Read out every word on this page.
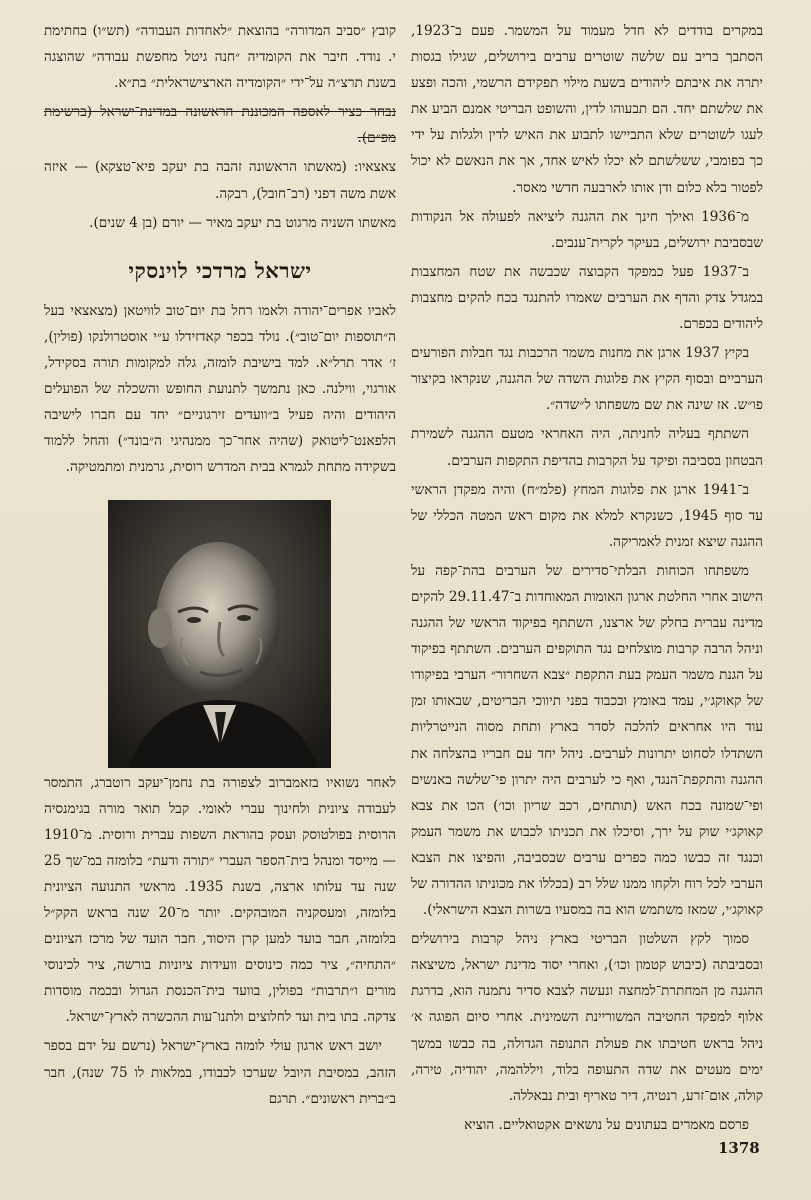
במקרים בודדים לא חדל מעמוד על המשמר. פעם ב־1923, הסתבך בריב עם שלשה שוטרים ערבים בירושלים, שגילו בגסות יתרה את איבתם ליהודים בשעת מילוי תפקידם הרשמי, והכה ופצע את שלשתם יחד. הם תבעוהו לדין, והשופט הבריטי אמנם הביע את לעגו לשוטרים שלא התביישו לתבוע את האיש לדין ולגלות על ידי כך בפומבי, ששלשתם לא יכלו לאיש אחד, אך את הנאשם לא יכול לפטור בלא כלום ודן אותו לארבעה חדשי מאסר.

מ־1936 ואילך חינך את ההגנה ליציאה לפעולה אל הנקודות שבסביבת ירושלים, בעיקר לקרית־ענבים.

ב־1937 פעל כמפקד הקבוצה שכבשה את שטח המחצבות במגדל צדק והדף את הערבים שאמרו להתנגד בכח להקים מחצבות ליהודים בכפרם.

בקיץ 1937 ארגן את מחנות משמר הרכבות נגד חבלות הפורעים הערביים ובסוף הקיץ את פלוגות השדה של ההגנה, שנקראו בקיצור פו״ש. אז שינה את שם משפחתו ל״שדה״.

השתתף בעליה לחניתה, היה האחראי מטעם ההגנה לשמירת הבטחון בסביבה ופיקד על הקרבות בהדיפת התקפות הערבים.

ב־1941 ארגן את פלוגות המחץ (פלמ״ח) והיה מפקדן הראשי עד סוף 1945, כשנקרא למלא את מקום ראש המטה הכללי של ההגנה שיצא זמנית לאמריקה.

משפתחו הכוחות הבלתי־סדירים של הערבים בהת־קפה על הישוב אחרי החלטת ארגון האומות המאוחדות ב־29.11.47 להקים מדינה עברית בחלק של ארצנו, השתתף בפיקוד הראשי של ההגנה וניהל הרבה קרבות מוצלחים נגד התוקפים הערבים. השתתף בפיקוד על הגנת משמר העמק בעת התקפת ״צבא השחרור״ הערבי בפיקודו של קאוקג׳י, עמד באומץ ובכבוד בפני תיווכי הבריטים, שבאותו זמן עוד היו אחראים להלכה לסדר בארץ ותחת מסוה הנייטרליות השתדלו לסחוט יתרונות לערבים. ניהל יחד עם חבריו בהצלחה את ההגנה והתקפת־הנגד, ואף כי לערבים היה יתרון פי־שלשה באנשים ופי־שמונה בכח האש (תותחים, רכב שריון וכו׳) הכו את צבא קאוקג׳י שוק על ירך, וסיכלו את תכניתו לכבוש את משמר העמק וכנגד זה כבשו כמה כפרים ערבים שבסביבה, והפיצו את הצבא הערבי לכל רוח ולקחו ממנו שלל רב (בכללו את מכוניתו ההדורה של קאוקג׳י, שמאז משתמש הוא בה במסעיו בשרות הצבא הישראלי).

סמוך לקץ השלטון הבריטי בארץ ניהל קרבות בירושלים ובסביבתה (כיבוש קטמון וכו׳), ואחרי יסוד מדינת ישראל, משיצאה ההגנה מן המחתרת־למחצה ונעשה לצבא סדיר נתמנה הוא, בדרגת אלוף למפקד החטיבה המשוריינת השמינית. אחרי סיום הפוגה א׳ ניהל בראש חטיבתו את פעולת התנופה הגדולה, בה כבשו במשך ימים מעטים את שדה התעופה בלוד, ויללהמה, יהודיה, טירה, קולה, אום־זרע, רנטיה, דיר טאריף ובית נבאללה.

פרסם מאמרים בעתונים על נושאים אקטואליים. הוציא

קובץ ״סביב המדורה״ בהוצאת ״לאחדות העבודה״ (תש״ו) בחתימת י. נודד. חיבר את הקומדיה ״חנה גיטל מחפשת עבודה״ שהוצגה בשנת תרצ״ה על־ידי ״הקומדיה הארצישראלית״ בת״א.

נבחר כציר לאספה המכוננת הראשונה במדינת־ישראל (ברשימת מפ״ם).

צאצאיו: (מאשתו הראשונה זהבה בת יעקב פיא־טצקא) — איזה אשת משה דפני (רב־חובל), רבקה.

מאשתו השניה מרגוט בת יעקב מאיר — יורם (בן 4 שנים).

ישראל מרדכי לוינסקי

לאביו אפרים־יהודה ולאמו רחל בת יום־טוב לוויטאן (מצאצאי בעל ה״תוספות יום־טוב״). נולד בכפר קאדזידלו ע״י אוסטרולנקו (פולין), ז׳ אדר תרל״א. למד בישיבת לומזה, גלה למקומות תורה בסקידל, אורגוי, ווילנה. כאן נתמשך לתנועת החופש והשכלה של הפועלים היהודים והיה פעיל ב״וועדים זירגוניים״ יחד עם חברו לישיבה הלפאנט־ליטואק (שהיה אחר־כך ממנהיגי ה״בונד״) והחל ללמוד בשקידה מתחת לגמרא בבית המדרש רוסית, גרמנית ומתמטיקה.

לאחר נשואיו בזאמברוב לצפורה בת נחמן־יעקב רוטברג, התמסר לעבודה ציונית ולחינוך עברי לאומי. קבל תואר מורה בגימנסיה הרוסית בפולטוסק ועסק בהוראת השפות עברית ורוסית. מ־1910 — מייסד ומנהל בית־הספר העברי ״תורה ודעת״ בלומזה במ־שך 25 שנה עד עלותו ארצה, בשנת 1935. מראשי התנועה הציונית בלומזה, ומעסקניה המובהקים. יותר מ־20 שנה בראש הקק״ל בלומזה, חבר בועד למען קרן היסוד, חבר הועד של מרכז הציונים ״התחיה״, ציר כמה כינוסים וועידות ציוניות בורשה, ציר לכינוסי מורים ו״תרבות״ בפולין, בוועד בית־הכנסת הגדול ובכמה מוסדות צדקה. בתו בית ועד לחלוצים ולתנו־עות ההכשרה לארץ־ישראל.

יושב ראש ארגון עולי לומזה בארץ־ישראל (נרשם על ידם בספר הזהב, במסיבת היובל שערכו לכבודו, במלאות לו 75 שנה), חבר ב״ברית ראשונים״. תרגם

1378
